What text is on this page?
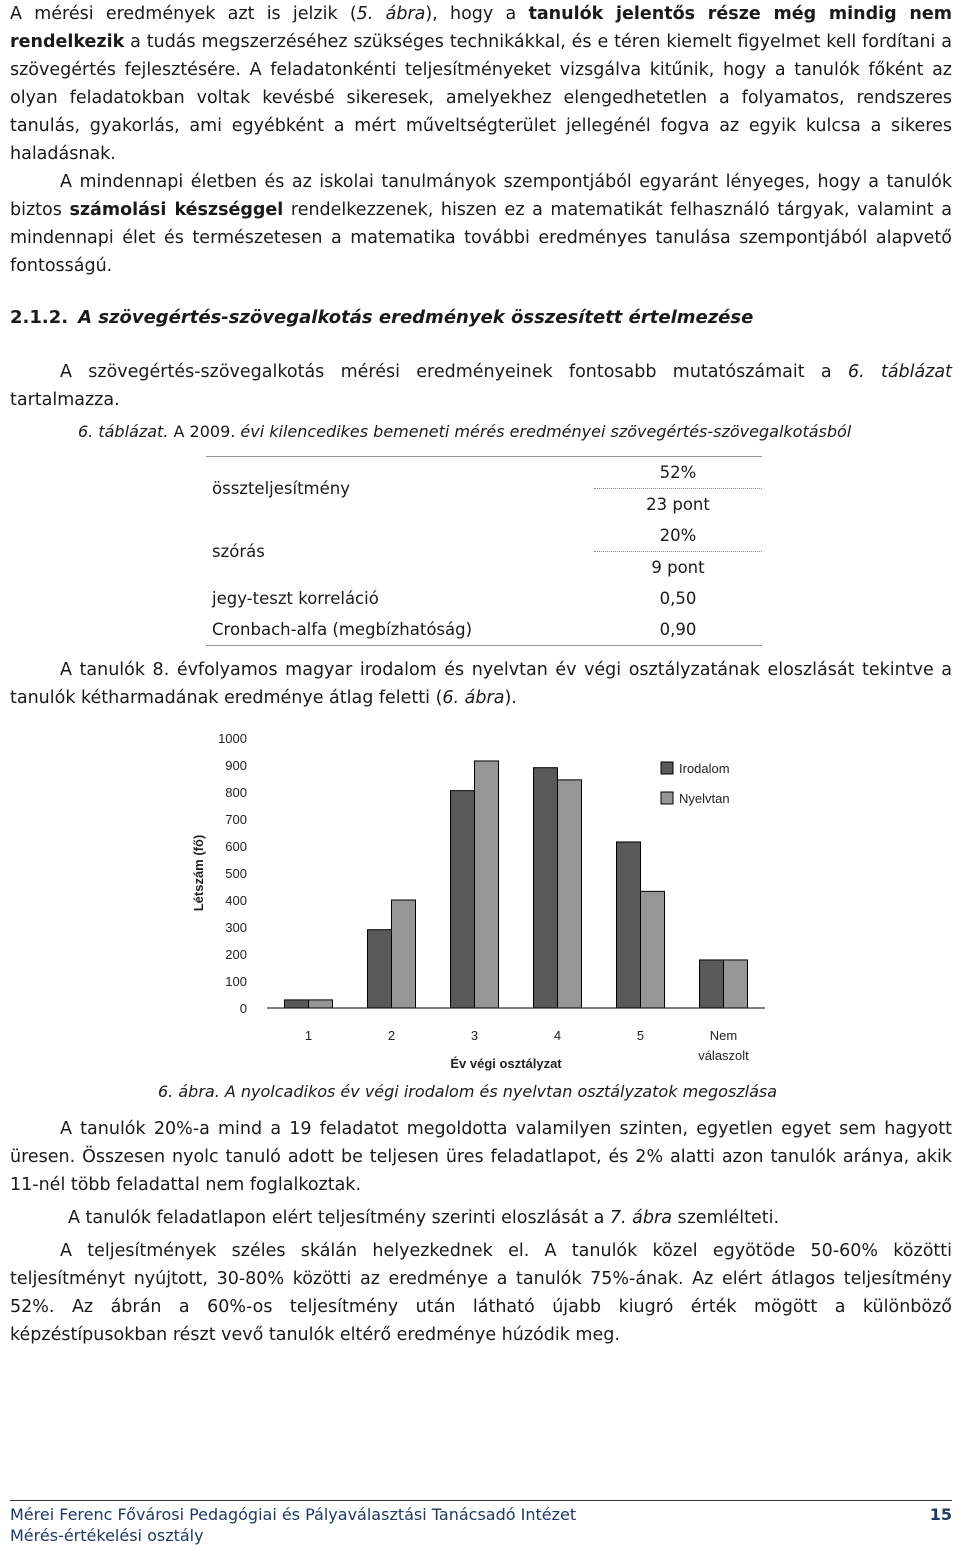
A mérési eredmények azt is jelzik (5. ábra), hogy a tanulók jelentős része még mindig nem rendelkezik a tudás megszerzéséhez szükséges technikákkal, és e téren kiemelt figyelmet kell fordítani a szövegértés fejlesztésére. A feladatonkénti teljesítményeket vizsgálva kitűnik, hogy a tanulók főként az olyan feladatokban voltak kevésbé sikeresek, amelyekhez elengedhetetlen a folyamatos, rendszeres tanulás, gyakorlás, ami egyébként a mért műveltségterület jellegénél fogva az egyik kulcsa a sikeres haladásnak.

A mindennapi életben és az iskolai tanulmányok szempontjából egyaránt lényeges, hogy a tanulók biztos számolási készséggel rendelkezzenek, hiszen ez a matematikát felhasználó tárgyak, valamint a mindennapi élet és természetesen a matematika további eredményes tanulása szempontjából alapvető fontosságú.

2.1.2. A szövegértés-szövegalkotás eredmények összesített értelmezése

A szövegértés-szövegalkotás mérési eredményeinek fontosabb mutatószámait a 6. táblázat tartalmazza.

6. táblázat. A 2009. évi kilencedikes bemeneti mérés eredményei szövegértés-szövegalkotásból
összteljesítmény	52%
	23 pont
szórás	20%
	9 pont
jegy-teszt korreláció	0,50
Cronbach-alfa (megbízhatóság)	0,90

A tanulók 8. évfolyamos magyar irodalom és nyelvtan év végi osztályzatának eloszlását tekintve a tanulók kétharmadának eredménye átlag feletti (6. ábra).

0
100
200
300
400
500
600
700
800
900
1000
Létszám (fő)
1	2	3	4	5	Nem
válaszolt
Év végi osztályzat
Irodalom
Nyelvtan
6. ábra. A nyolcadikos év végi irodalom és nyelvtan osztályzatok megoszlása

A tanulók 20%-a mind a 19 feladatot megoldotta valamilyen szinten, egyetlen egyet sem hagyott üresen. Összesen nyolc tanuló adott be teljesen üres feladatlapot, és 2% alatti azon tanulók aránya, akik 11-nél több feladattal nem foglalkoztak.

A tanulók feladatlapon elért teljesítmény szerinti eloszlását a 7. ábra szemlélteti.

A teljesítmények széles skálán helyezkednek el. A tanulók közel egyötöde 50-60% közötti teljesítményt nyújtott, 30-80% közötti az eredménye a tanulók 75%-ának. Az elért átlagos teljesítmény 52%. Az ábrán a 60%-os teljesítmény után látható újabb kiugró érték mögött a különböző képzéstípusokban részt vevő tanulók eltérő eredménye húzódik meg.

Mérei Ferenc Fővárosi Pedagógiai és Pályaválasztási Tanácsadó Intézet
Mérés-értékelési osztály
15
